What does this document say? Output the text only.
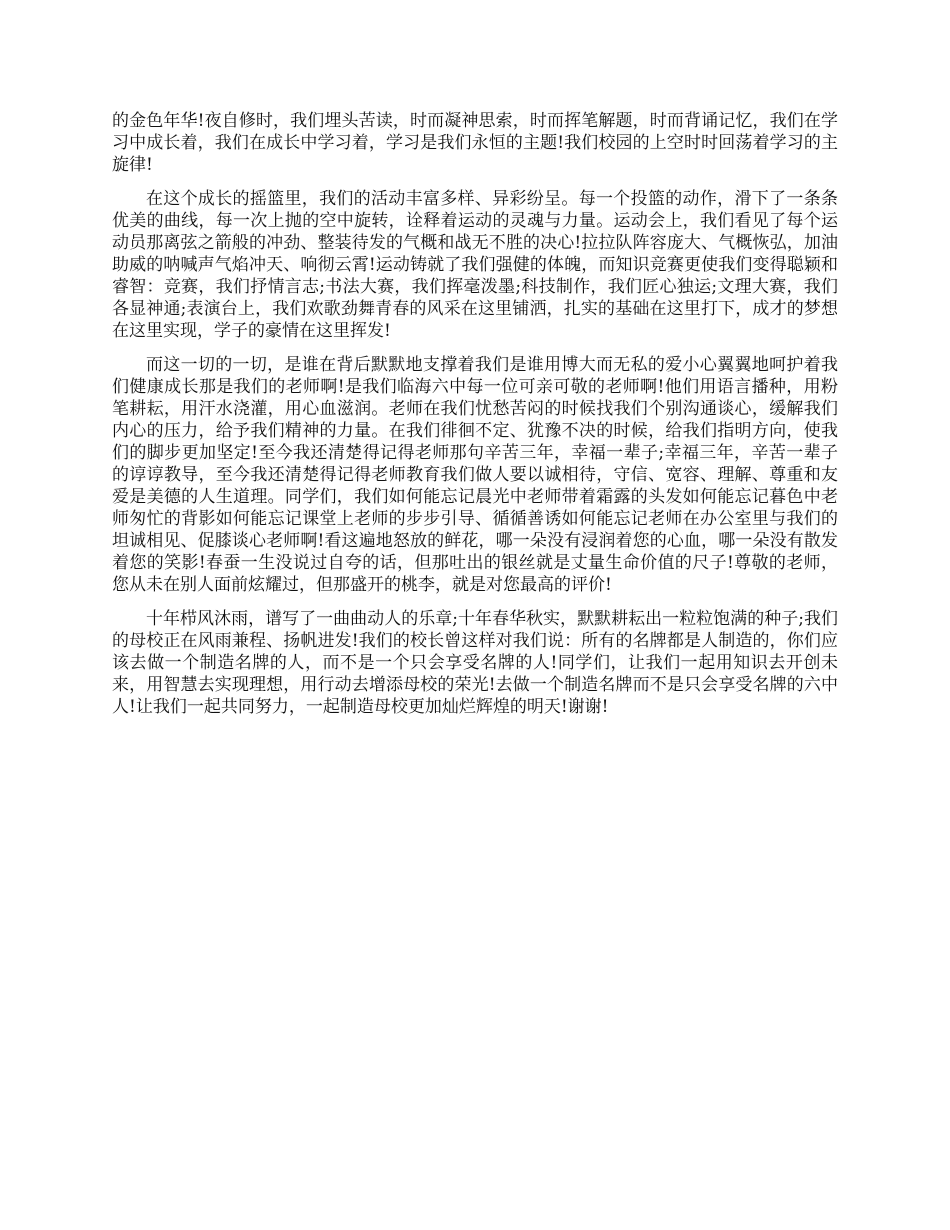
的金色年华!夜自修时，我们埋头苦读，时而凝神思索，时而挥笔解题，时而背诵记忆，我们在学习中成长着，我们在成长中学习着，学习是我们永恒的主题!我们校园的上空时时回荡着学习的主旋律!

在这个成长的摇篮里，我们的活动丰富多样、异彩纷呈。每一个投篮的动作，滑下了一条条优美的曲线，每一次上抛的空中旋转，诠释着运动的灵魂与力量。运动会上，我们看见了每个运动员那离弦之箭般的冲劲、整装待发的气概和战无不胜的决心!拉拉队阵容庞大、气概恢弘，加油助威的呐喊声气焰冲天、响彻云霄!运动铸就了我们强健的体魄，而知识竞赛更使我们变得聪颖和睿智：竞赛，我们抒情言志;书法大赛，我们挥毫泼墨;科技制作，我们匠心独运;文理大赛，我们各显神通;表演台上，我们欢歌劲舞青春的风采在这里铺洒，扎实的基础在这里打下，成才的梦想在这里实现，学子的豪情在这里挥发!

而这一切的一切，是谁在背后默默地支撑着我们是谁用博大而无私的爱小心翼翼地呵护着我们健康成长那是我们的老师啊!是我们临海六中每一位可亲可敬的老师啊!他们用语言播种，用粉笔耕耘，用汗水浇灌，用心血滋润。老师在我们忧愁苦闷的时候找我们个别沟通谈心，缓解我们内心的压力，给予我们精神的力量。在我们徘徊不定、犹豫不决的时候，给我们指明方向，使我们的脚步更加坚定!至今我还清楚得记得老师那句辛苦三年，幸福一辈子;幸福三年，辛苦一辈子的谆谆教导，至今我还清楚得记得老师教育我们做人要以诚相待，守信、宽容、理解、尊重和友爱是美德的人生道理。同学们，我们如何能忘记晨光中老师带着霜露的头发如何能忘记暮色中老师匆忙的背影如何能忘记课堂上老师的步步引导、循循善诱如何能忘记老师在办公室里与我们的坦诚相见、促膝谈心老师啊!看这遍地怒放的鲜花，哪一朵没有浸润着您的心血，哪一朵没有散发着您的笑影!春蚕一生没说过自夸的话，但那吐出的银丝就是丈量生命价值的尺子!尊敬的老师，您从未在别人面前炫耀过，但那盛开的桃李，就是对您最高的评价!

十年栉风沐雨，谱写了一曲曲动人的乐章;十年春华秋实，默默耕耘出一粒粒饱满的种子;我们的母校正在风雨兼程、扬帆进发!我们的校长曾这样对我们说：所有的名牌都是人制造的，你们应该去做一个制造名牌的人，而不是一个只会享受名牌的人!同学们，让我们一起用知识去开创未来，用智慧去实现理想，用行动去增添母校的荣光!去做一个制造名牌而不是只会享受名牌的六中人!让我们一起共同努力，一起制造母校更加灿烂辉煌的明天!谢谢!
